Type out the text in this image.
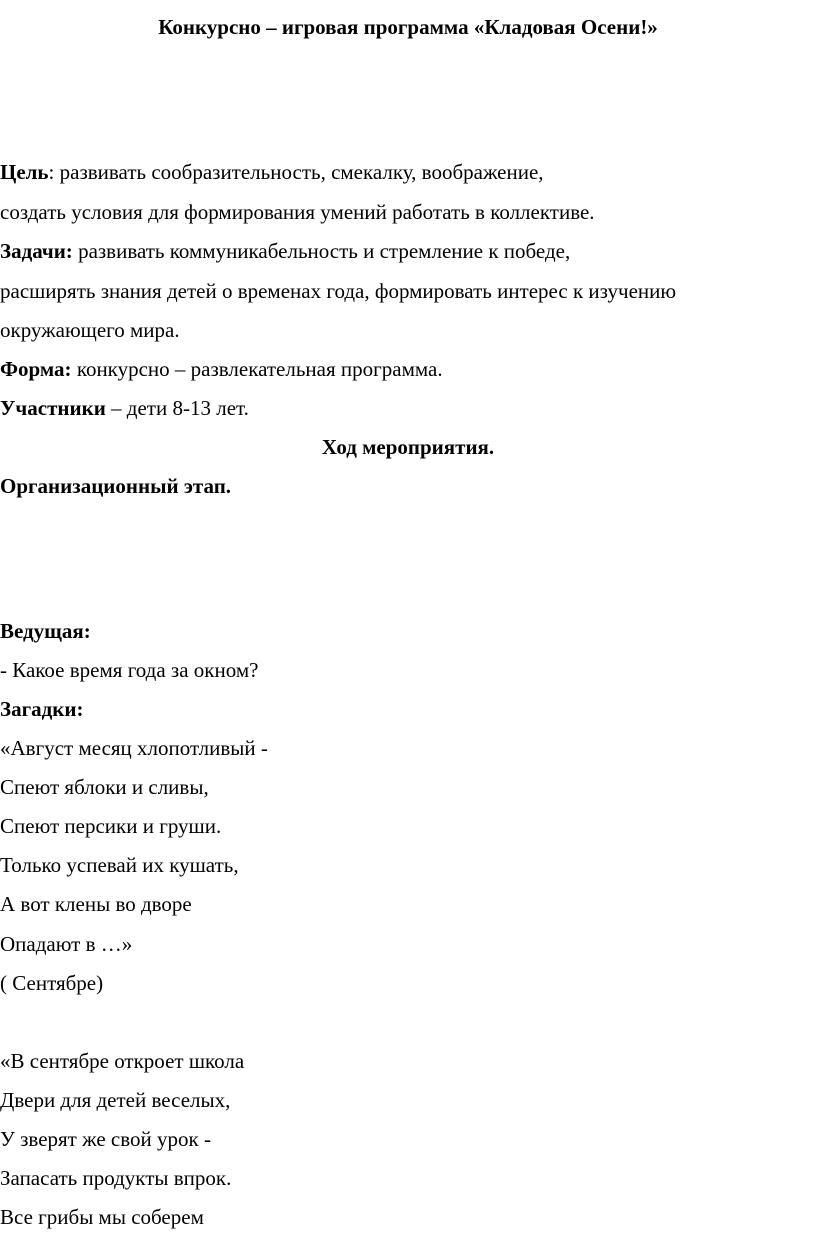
Конкурсно – игровая программа «Кладовая Осени!»
Цель: развивать сообразительность, смекалку, воображение,
создать условия для формирования умений работать в коллективе.
Задачи: развивать коммуникабельность и стремление к победе,
расширять знания детей о временах года, формировать интерес к изучению
окружающего мира.
Форма: конкурсно – развлекательная программа.
Участники – дети 8-13 лет.
Ход мероприятия.
Организационный этап.
Ведущая:
- Какое время года за окном?
Загадки:
«Август месяц хлопотливый -
Спеют яблоки и сливы,
Спеют персики и груши.
Только успевай их кушать,
А вот клены во дворе
Опадают в …»
( Сентябре)
«В сентябре откроет школа
Двери для детей веселых,
У зверят же свой урок -
Запасать продукты впрок.
Все грибы мы соберем
